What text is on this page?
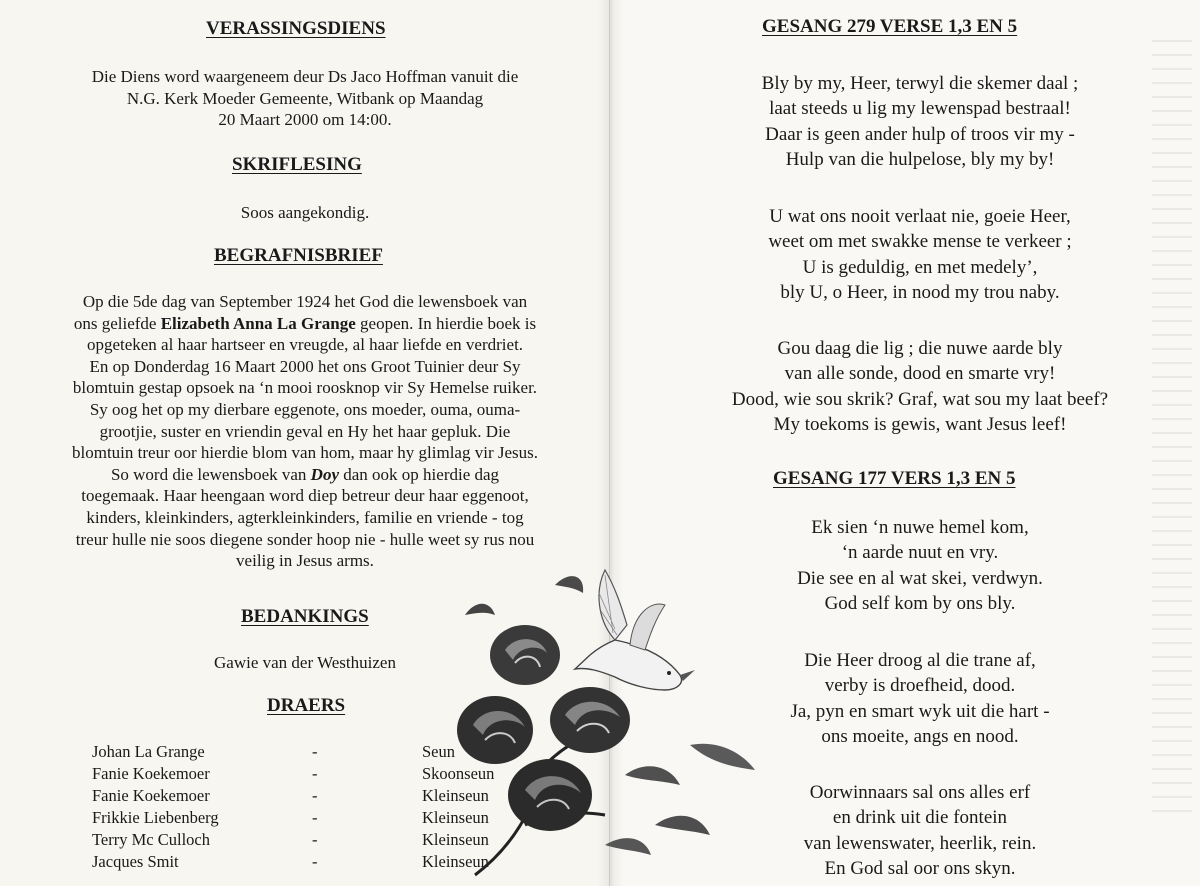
VERASSINGSDIENS
Die Diens word waargeneem deur Ds Jaco Hoffman vanuit die
N.G. Kerk Moeder Gemeente, Witbank op Maandag
20 Maart 2000 om 14:00.
SKRIFLESING
Soos aangekondig.
BEGRAFNISBRIEF
Op die 5de dag van September 1924 het God die lewensboek van
ons geliefde Elizabeth Anna La Grange geopen. In hierdie boek is
opgeteken al haar hartseer en vreugde, al haar liefde en verdriet.
En op Donderdag 16 Maart 2000 het ons Groot Tuinier deur Sy
blomtuin gestap opsoek na ‘n mooi roosknop vir Sy Hemelse ruiker.
Sy oog het op my dierbare eggenote, ons moeder, ouma, ouma-
grootjie, suster en vriendin geval en Hy het haar gepluk. Die
blomtuin treur oor hierdie blom van hom, maar hy glimlag vir Jesus.
So word die lewensboek van Doy dan ook op hierdie dag
toegemaak. Haar heengaan word diep betreur deur haar eggenoot,
kinders, kleinkinders, agterkleinkinders, familie en vriende - tog
treur hulle nie soos diegene sonder hoop nie - hulle weet sy rus nou
veilig in Jesus arms.
BEDANKINGS
Gawie van der Westhuizen
DRAERS
Johan La Grange	-	Seun
Fanie Koekemoer	-	Skoonseun
Fanie Koekemoer	-	Kleinseun
Frikkie Liebenberg	-	Kleinseun
Terry Mc Culloch	-	Kleinseun
Jacques Smit	-	Kleinseun
GESANG 279 VERSE 1,3 EN 5
Bly by my, Heer, terwyl die skemer daal ;
laat steeds u lig my lewenspad bestraal!
Daar is geen ander hulp of troos vir my -
Hulp van die hulpelose, bly my by!
U wat ons nooit verlaat nie, goeie Heer,
weet om met swakke mense te verkeer ;
U is geduldig, en met medely’,
bly U, o Heer, in nood my trou naby.
Gou daag die lig ; die nuwe aarde bly
van alle sonde, dood en smarte vry!
Dood, wie sou skrik? Graf, wat sou my laat beef?
My toekoms is gewis, want Jesus leef!
GESANG 177 VERS 1,3 EN 5
Ek sien ‘n nuwe hemel kom,
‘n aarde nuut en vry.
Die see en al wat skei, verdwyn.
God self kom by ons bly.
Die Heer droog al die trane af,
verby is droefheid, dood.
Ja, pyn en smart wyk uit die hart -
ons moeite, angs en nood.
Oorwinnaars sal ons alles erf
en drink uit die fontein
van lewenswater, heerlik, rein.
En God sal oor ons skyn.
